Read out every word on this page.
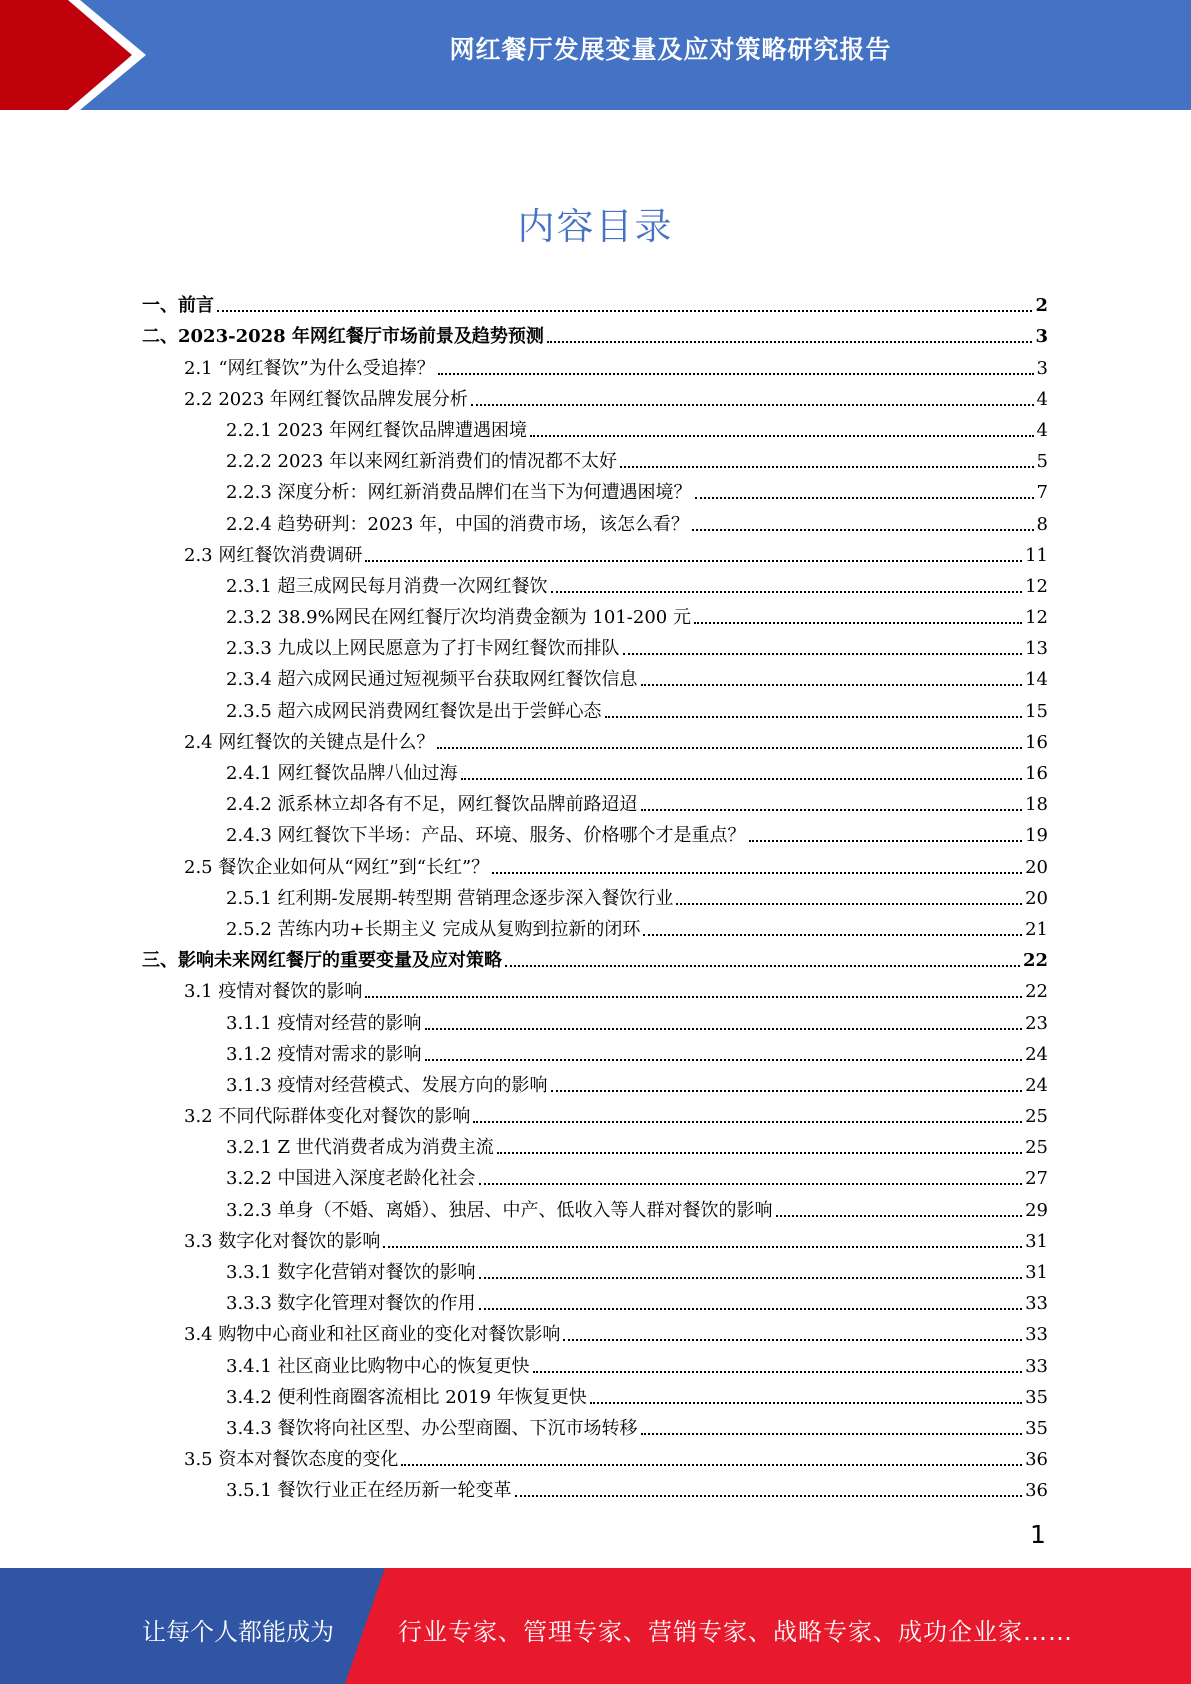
网红餐厅发展变量及应对策略研究报告
内容目录
一、前言	2
二、2023-2028 年网红餐厅市场前景及趋势预测	3
2.1 “网红餐饮”为什么受追捧？	3
2.2 2023 年网红餐饮品牌发展分析	4
2.2.1 2023 年网红餐饮品牌遭遇困境	4
2.2.2 2023 年以来网红新消费们的情况都不太好	5
2.2.3 深度分析：网红新消费品牌们在当下为何遭遇困境？	7
2.2.4 趋势研判：2023 年，中国的消费市场，该怎么看？	8
2.3 网红餐饮消费调研	11
2.3.1 超三成网民每月消费一次网红餐饮	12
2.3.2 38.9%网民在网红餐厅次均消费金额为 101-200 元	12
2.3.3 九成以上网民愿意为了打卡网红餐饮而排队	13
2.3.4 超六成网民通过短视频平台获取网红餐饮信息	14
2.3.5 超六成网民消费网红餐饮是出于尝鲜心态	15
2.4 网红餐饮的关键点是什么？	16
2.4.1 网红餐饮品牌八仙过海	16
2.4.2 派系林立却各有不足，网红餐饮品牌前路迢迢	18
2.4.3 网红餐饮下半场：产品、环境、服务、价格哪个才是重点？	19
2.5 餐饮企业如何从“网红”到“长红”？	20
2.5.1 红利期-发展期-转型期 营销理念逐步深入餐饮行业	20
2.5.2 苦练内功+长期主义 完成从复购到拉新的闭环	21
三、影响未来网红餐厅的重要变量及应对策略	22
3.1 疫情对餐饮的影响	22
3.1.1 疫情对经营的影响	23
3.1.2 疫情对需求的影响	24
3.1.3 疫情对经营模式、发展方向的影响	24
3.2 不同代际群体变化对餐饮的影响	25
3.2.1 Z 世代消费者成为消费主流	25
3.2.2 中国进入深度老龄化社会	27
3.2.3 单身（不婚、离婚）、独居、中产、低收入等人群对餐饮的影响	29
3.3 数字化对餐饮的影响	31
3.3.1 数字化营销对餐饮的影响	31
3.3.3 数字化管理对餐饮的作用	33
3.4 购物中心商业和社区商业的变化对餐饮影响	33
3.4.1 社区商业比购物中心的恢复更快	33
3.4.2 便利性商圈客流相比 2019 年恢复更快	35
3.4.3 餐饮将向社区型、办公型商圈、下沉市场转移	35
3.5 资本对餐饮态度的变化	36
3.5.1 餐饮行业正在经历新一轮变革	36
1
让每个人都能成为	行业专家、管理专家、营销专家、战略专家、成功企业家……
